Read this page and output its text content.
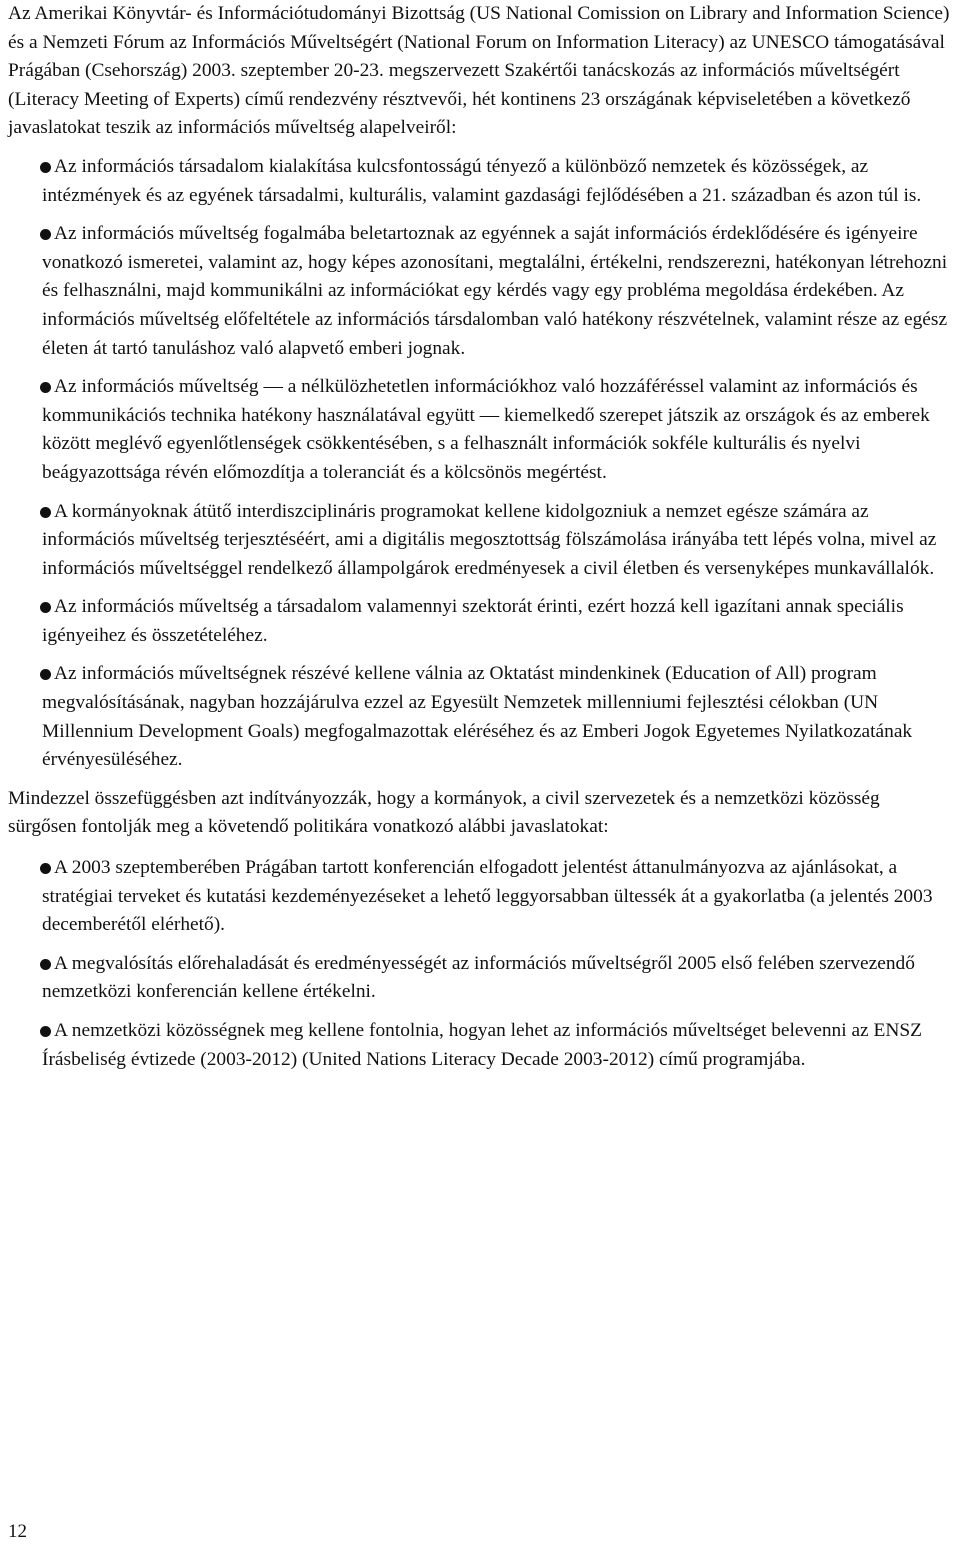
Az Amerikai Könyvtár- és Információtudományi Bizottság (US National Comission on Library and Information Science) és a Nemzeti Fórum az Információs Műveltségért (National Forum on Information Literacy) az UNESCO támogatásával Prágában (Csehország) 2003. szeptember 20-23. megszervezett Szakértői tanácskozás az információs műveltségért (Literacy Meeting of Experts) című rendezvény résztvevői, hét kontinens 23 országának képviseletében a következő javaslatokat teszik az információs műveltség alapelveiről:

Az információs társadalom kialakítása kulcsfontosságú tényező a különböző nemzetek és közösségek, az intézmények és az egyének társadalmi, kulturális, valamint gazdasági fejlődésében a 21. században és azon túl is.
Az információs műveltség fogalmába beletartoznak az egyénnek a saját információs érdeklődésére és igényeire vonatkozó ismeretei, valamint az, hogy képes azonosítani, megtalálni, értékelni, rendszerezni, hatékonyan létrehozni és felhasználni, majd kommunikálni az információkat egy kérdés vagy egy probléma megoldása érdekében. Az információs műveltség előfeltétele az információs társdalomban való hatékony részvételnek, valamint része az egész életen át tartó tanuláshoz való alapvető emberi jognak.
Az információs műveltség — a nélkülözhetetlen információkhoz való hozzáféréssel valamint az információs és kommunikációs technika hatékony használatával együtt — kiemelkedő szerepet játszik az országok és az emberek között meglévő egyenlőtlenségek csökkentésében, s a felhasznált információk sokféle kulturális és nyelvi beágyazottsága révén előmozdítja a toleranciát és a kölcsönös megértést.
A kormányoknak átütő interdiszciplináris programokat kellene kidolgozniuk a nemzet egésze számára az információs műveltség terjesztéséért, ami a digitális megosztottság fölszámolása irányába tett lépés volna, mivel az információs műveltséggel rendelkező állampolgárok eredményesek a civil életben és versenyképes munkavállalók.
Az információs műveltség a társadalom valamennyi szektorát érinti, ezért hozzá kell igazítani annak speciális igényeihez és összetételéhez.
Az információs műveltségnek részévé kellene válnia az Oktatást mindenkinek (Education of All) program megvalósításának, nagyban hozzájárulva ezzel az Egyesült Nemzetek millenniumi fejlesztési célokban (UN Millennium Development Goals) megfogalmazottak eléréséhez és az Emberi Jogok Egyetemes Nyilatkozatának érvényesüléséhez.

Mindezzel összefüggésben azt indítványozzák, hogy a kormányok, a civil szervezetek és a nemzetközi közösség sürgősen fontolják meg a követendő politikára vonatkozó alábbi javaslatokat:

A 2003 szeptemberében Prágában tartott konferencián elfogadott jelentést áttanulmányozva az ajánlásokat, a stratégiai terveket és kutatási kezdeményezéseket a lehető leggyorsabban ültessék át a gyakorlatba (a jelentés 2003 decemberétől elérhető).
A megvalósítás előrehaladását és eredményességét az információs műveltségről 2005 első felében szervezendő nemzetközi konferencián kellene értékelni.
A nemzetközi közösségnek meg kellene fontolnia, hogyan lehet az információs műveltséget belevenni az ENSZ Írásbeliség évtizede (2003-2012) (United Nations Literacy Decade 2003-2012) című programjába.
12
